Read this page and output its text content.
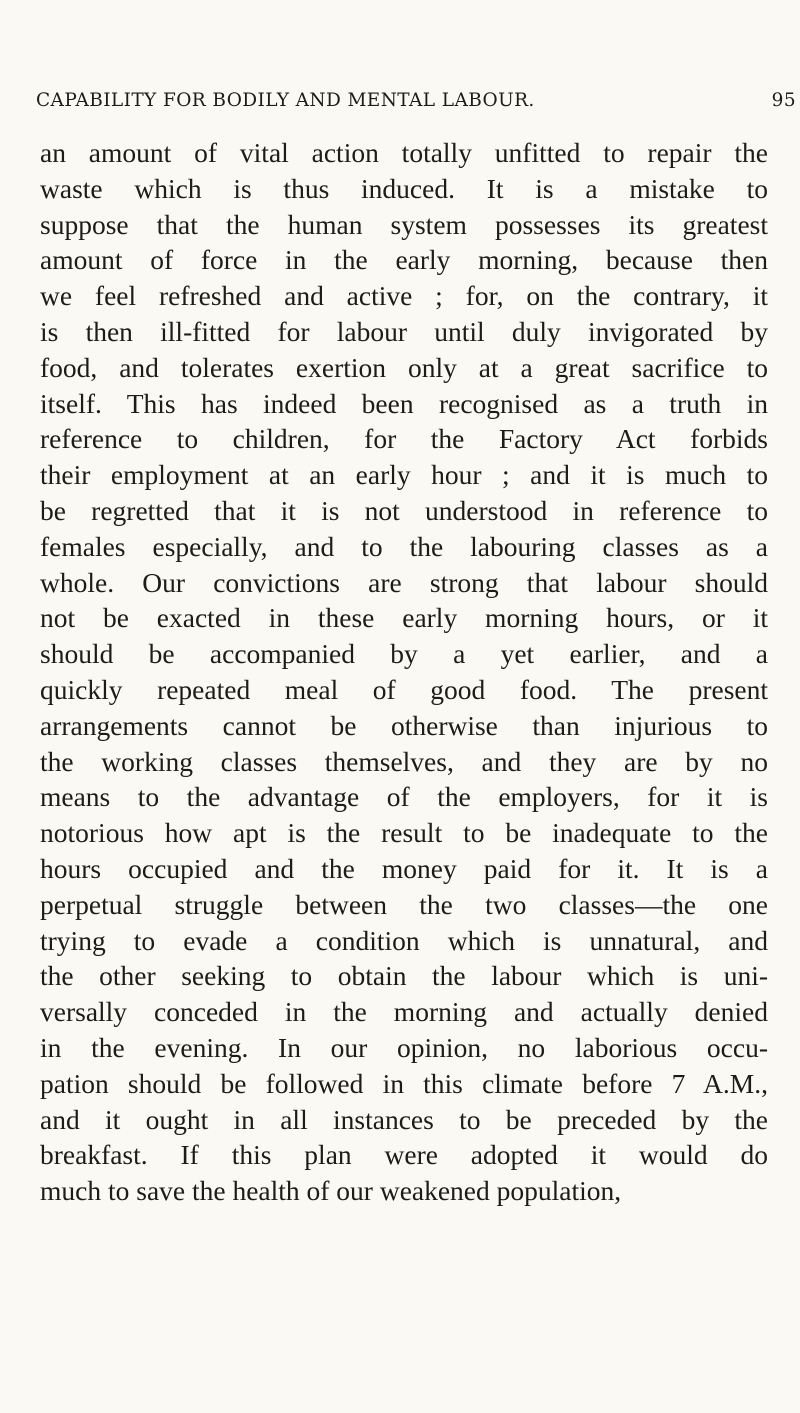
CAPABILITY FOR BODILY AND MENTAL LABOUR.	95
an amount of vital action totally unfitted to repair the
waste which is thus induced. It is a mistake to
suppose that the human system possesses its greatest
amount of force in the early morning, because then
we feel refreshed and active ; for, on the contrary, it
is then ill-fitted for labour until duly invigorated by
food, and tolerates exertion only at a great sacrifice to
itself. This has indeed been recognised as a truth in
reference to children, for the Factory Act forbids
their employment at an early hour ; and it is much to
be regretted that it is not understood in reference to
females especially, and to the labouring classes as a
whole. Our convictions are strong that labour should
not be exacted in these early morning hours, or it
should be accompanied by a yet earlier, and a
quickly repeated meal of good food. The present
arrangements cannot be otherwise than injurious to
the working classes themselves, and they are by no
means to the advantage of the employers, for it is
notorious how apt is the result to be inadequate to the
hours occupied and the money paid for it. It is a
perpetual struggle between the two classes—the one
trying to evade a condition which is unnatural, and
the other seeking to obtain the labour which is uni-
versally conceded in the morning and actually denied
in the evening. In our opinion, no laborious occu-
pation should be followed in this climate before 7 A.M.,
and it ought in all instances to be preceded by the
breakfast. If this plan were adopted it would do
much to save the health of our weakened population,
